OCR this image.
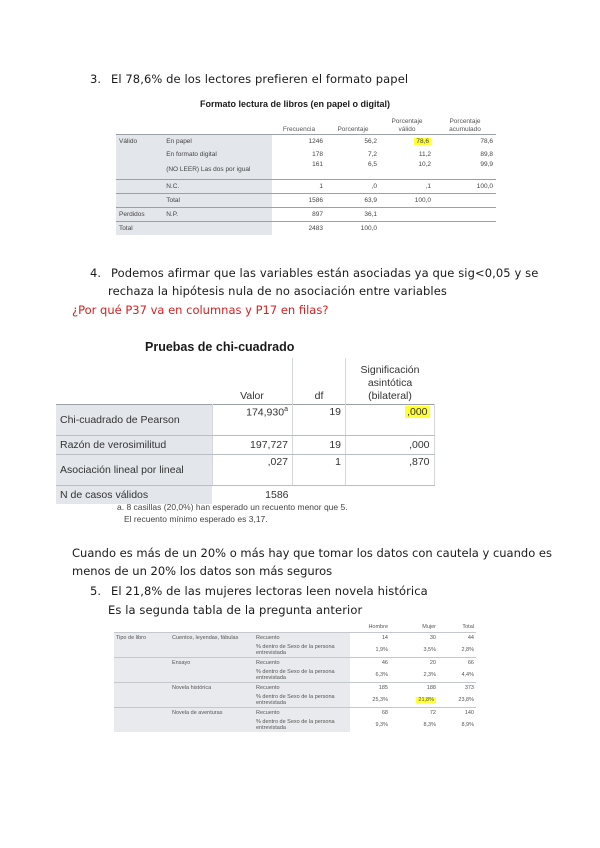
3. El 78,6% de los lectores prefieren el formato papel
Formato lectura de libros (en papel o digital)
		Frecuencia	Porcentaje	Porcentaje válido	Porcentaje acumulado
Válido	En papel	1246	56,2	78,6	78,6
	En formato digital	178	7,2	11,2	89,8
	(NO LEER) Las dos por igual	161	6,5	10,2	99,9
	N.C.	1	,0	,1	100,0
	Total	1586	63,9	100,0	
Perdidos	N.P.	897	36,1		
Total		2483	100,0		
4. Podemos afirmar que las variables están asociadas ya que sig<0,05 y se
rechaza la hipótesis nula de no asociación entre variables
¿Por qué P37 va en columnas y P17 en filas?
Pruebas de chi-cuadrado
	Valor	df	Significación asintótica (bilateral)
Chi-cuadrado de Pearson	174,930$^a$	19	,000
Razón de verosimilitud	197,727	19	,000
Asociación lineal por lineal	,027	1	,870
N de casos válidos	1586		
a. 8 casillas (20,0%) han esperado un recuento menor que 5.
El recuento mínimo esperado es 3,17.
Cuando es más de un 20% o más hay que tomar los datos con cautela y cuando es
menos de un 20% los datos son más seguros
5. El 21,8% de las mujeres lectoras leen novela histórica
Es la segunda tabla de la pregunta anterior
			Hombre	Mujer	Total
Tipo de libro	Cuentos, leyendas, fábulas	Recuento	14	30	44
		% dentro de Sexo de la persona entrevistada	1,9%	3,5%	2,8%
	Ensayo	Recuento	46	20	66
		% dentro de Sexo de la persona entrevistada	6,3%	2,3%	4,4%
	Novela histórica	Recuento	185	188	373
		% dentro de Sexo de la persona entrevistada	25,3%	21,8%	23,8%
	Novela de aventuras	Recuento	68	72	140
		% dentro de Sexo de la persona entrevistada	9,3%	8,3%	8,9%
